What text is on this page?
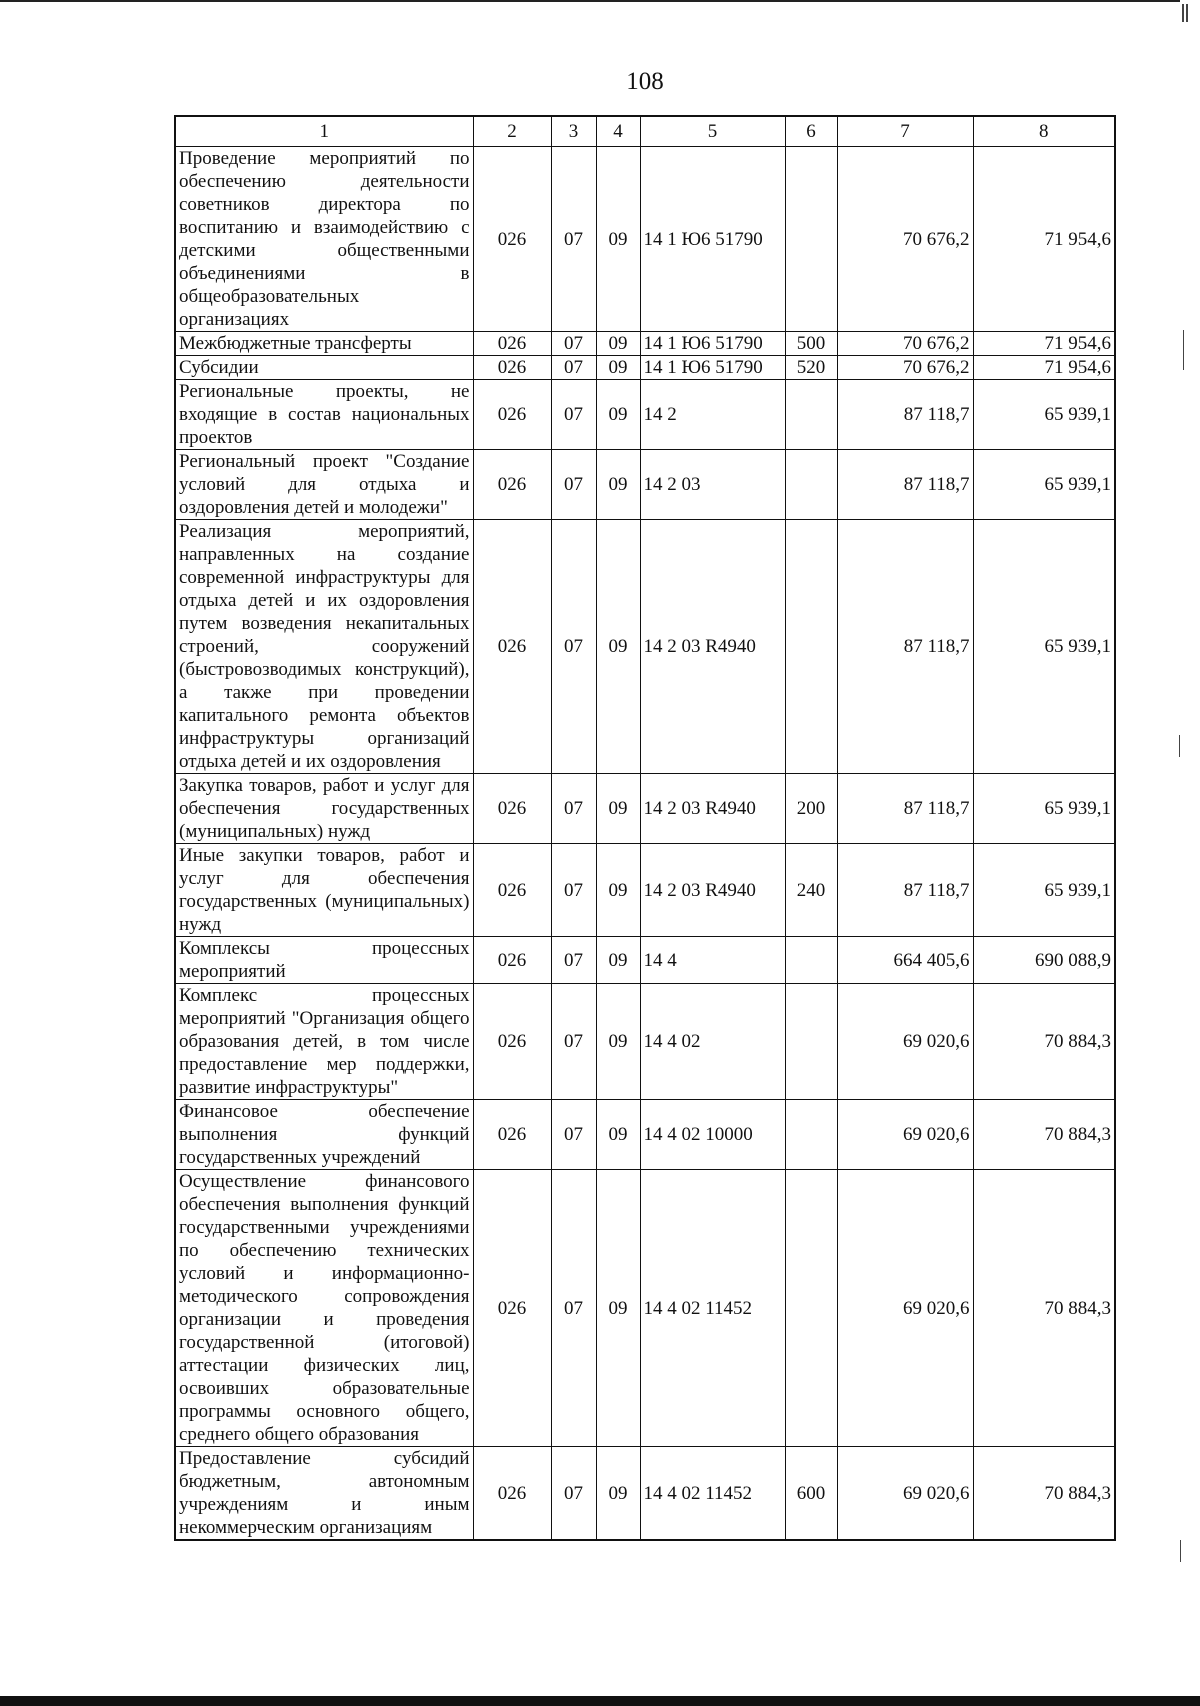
108
1	2	3	4	5	6	7	8
Проведение мероприятий по обеспечению деятельности советников директора по воспитанию и взаимодействию с детскими общественными объединениями в общеобразовательных организациях	026	07	09	14 1 Ю6 51790		70 676,2	71 954,6
Межбюджетные трансферты	026	07	09	14 1 Ю6 51790	500	70 676,2	71 954,6
Субсидии	026	07	09	14 1 Ю6 51790	520	70 676,2	71 954,6
Региональные проекты, не входящие в состав национальных проектов	026	07	09	14 2		87 118,7	65 939,1
Региональный проект "Создание условий для отдыха и оздоровления детей и молодежи"	026	07	09	14 2 03		87 118,7	65 939,1
Реализация мероприятий, направленных на создание современной инфраструктуры для отдыха детей и их оздоровления путем возведения некапитальных строений, сооружений (быстровозводимых конструкций), а также при проведении капитального ремонта объектов инфраструктуры организаций отдыха детей и их оздоровления	026	07	09	14 2 03 R4940		87 118,7	65 939,1
Закупка товаров, работ и услуг для обеспечения государственных (муниципальных) нужд	026	07	09	14 2 03 R4940	200	87 118,7	65 939,1
Иные закупки товаров, работ и услуг для обеспечения государственных (муниципальных) нужд	026	07	09	14 2 03 R4940	240	87 118,7	65 939,1
Комплексы процессных мероприятий	026	07	09	14 4		664 405,6	690 088,9
Комплекс процессных мероприятий "Организация общего образования детей, в том числе предоставление мер поддержки, развитие инфраструктуры"	026	07	09	14 4 02		69 020,6	70 884,3
Финансовое обеспечение выполнения функций государственных учреждений	026	07	09	14 4 02 10000		69 020,6	70 884,3
Осуществление финансового обеспечения выполнения функций государственными учреждениями по обеспечению технических условий и информационно-методического сопровождения организации и проведения государственной (итоговой) аттестации физических лиц, освоивших образовательные программы основного общего, среднего общего образования	026	07	09	14 4 02 11452		69 020,6	70 884,3
Предоставление субсидий бюджетным, автономным учреждениям и иным некоммерческим организациям	026	07	09	14 4 02 11452	600	69 020,6	70 884,3
